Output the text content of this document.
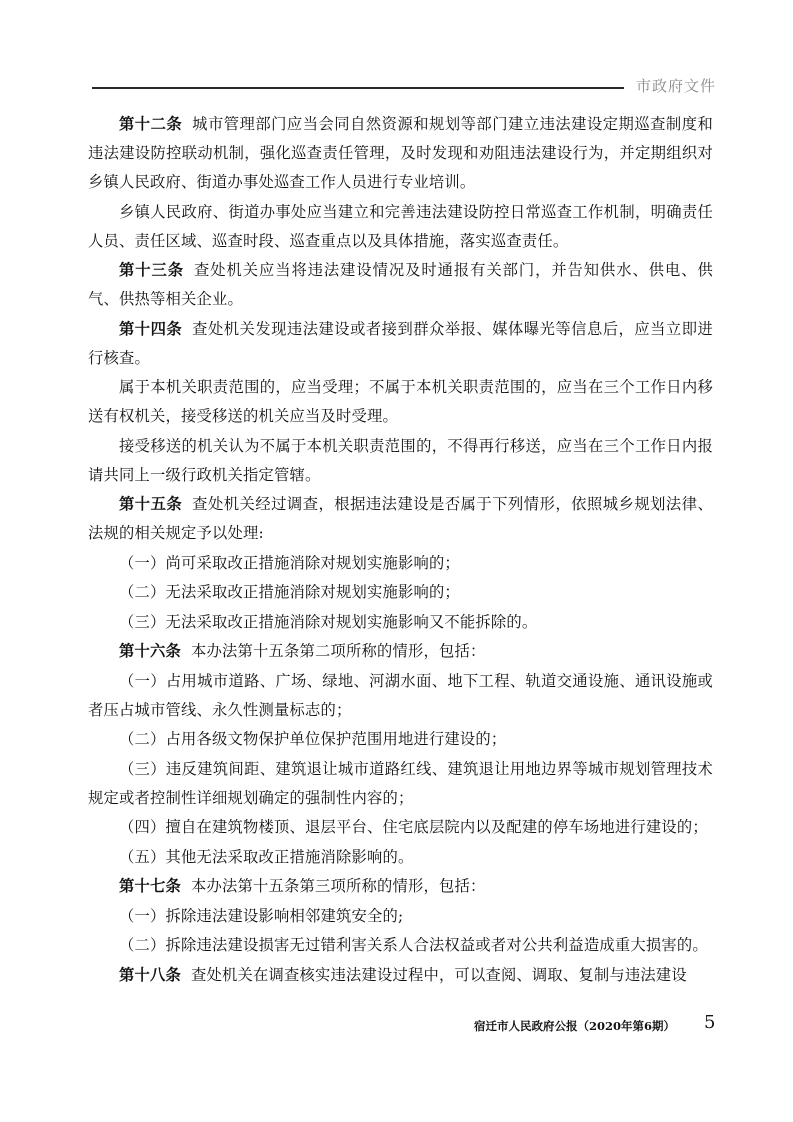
市政府文件

第十二条 城市管理部门应当会同自然资源和规划等部门建立违法建设定期巡查制度和违法建设防控联动机制，强化巡查责任管理，及时发现和劝阻违法建设行为，并定期组织对乡镇人民政府、街道办事处巡查工作人员进行专业培训。

乡镇人民政府、街道办事处应当建立和完善违法建设防控日常巡查工作机制，明确责任人员、责任区域、巡查时段、巡查重点以及具体措施，落实巡查责任。

第十三条 查处机关应当将违法建设情况及时通报有关部门，并告知供水、供电、供气、供热等相关企业。

第十四条 查处机关发现违法建设或者接到群众举报、媒体曝光等信息后，应当立即进行核查。

属于本机关职责范围的，应当受理；不属于本机关职责范围的，应当在三个工作日内移送有权机关，接受移送的机关应当及时受理。

接受移送的机关认为不属于本机关职责范围的，不得再行移送，应当在三个工作日内报请共同上一级行政机关指定管辖。

第十五条 查处机关经过调查，根据违法建设是否属于下列情形，依照城乡规划法律、法规的相关规定予以处理:

（一）尚可采取改正措施消除对规划实施影响的；

（二）无法采取改正措施消除对规划实施影响的；

（三）无法采取改正措施消除对规划实施影响又不能拆除的。

第十六条 本办法第十五条第二项所称的情形，包括：

（一）占用城市道路、广场、绿地、河湖水面、地下工程、轨道交通设施、通讯设施或者压占城市管线、永久性测量标志的；

（二）占用各级文物保护单位保护范围用地进行建设的；

（三）违反建筑间距、建筑退让城市道路红线、建筑退让用地边界等城市规划管理技术规定或者控制性详细规划确定的强制性内容的；

（四）擅自在建筑物楼顶、退层平台、住宅底层院内以及配建的停车场地进行建设的；

（五）其他无法采取改正措施消除影响的。

第十七条 本办法第十五条第三项所称的情形，包括：

（一）拆除违法建设影响相邻建筑安全的;

（二）拆除违法建设损害无过错利害关系人合法权益或者对公共利益造成重大损害的。

第十八条 查处机关在调查核实违法建设过程中，可以查阅、调取、复制与违法建设

宿迁市人民政府公报（2020年第6期） 5
